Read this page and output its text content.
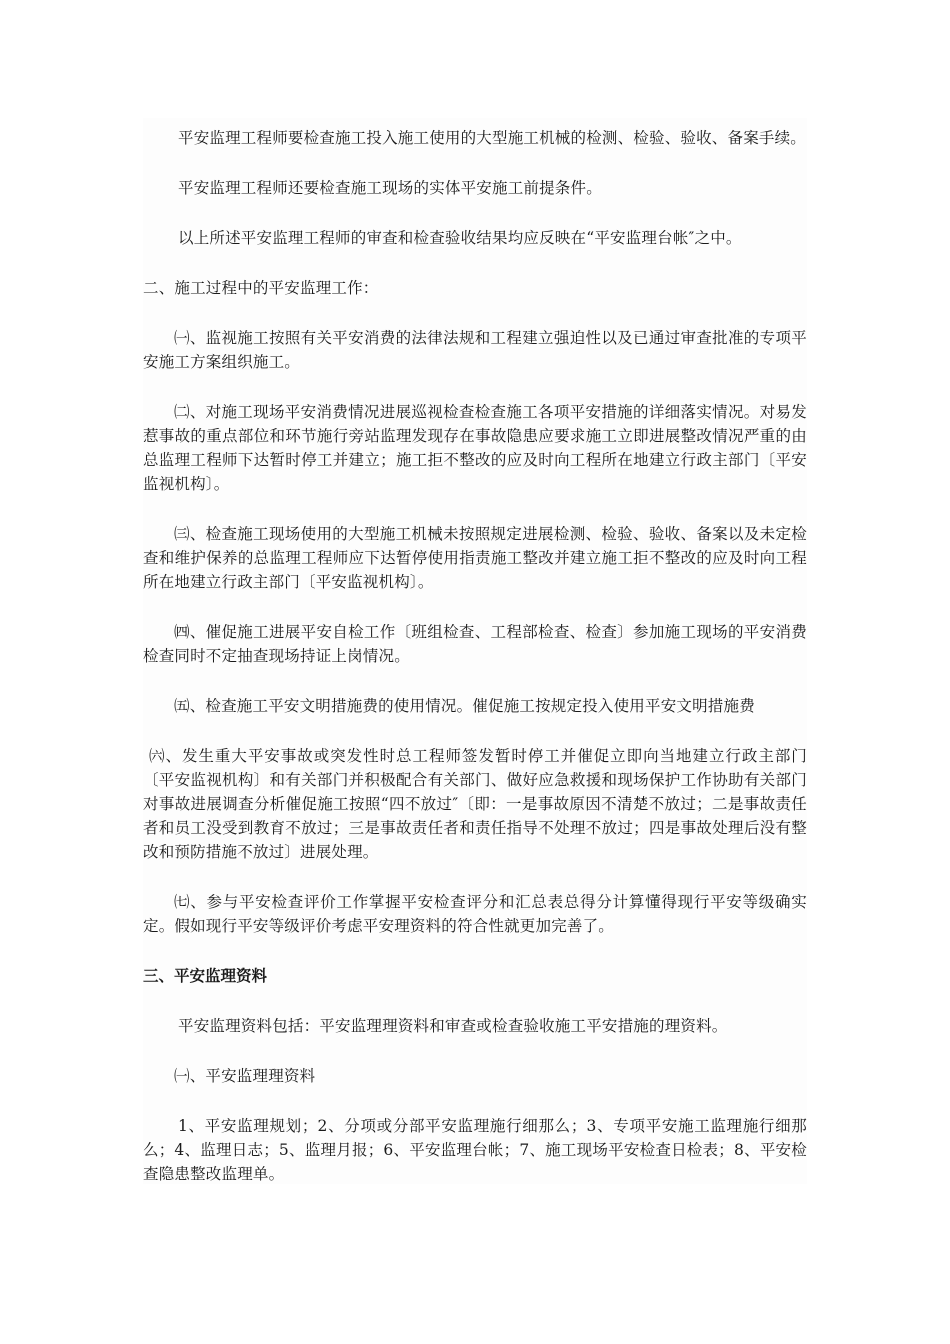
平安监理工程师要检查施工投入施工使用的大型施工机械的检测、检验、验收、备案手续。

平安监理工程师还要检查施工现场的实体平安施工前提条件。

以上所述平安监理工程师的审查和检查验收结果均应反映在“平安监理台帐″之中。

二、施工过程中的平安监理工作：

㈠、监视施工按照有关平安消费的法律法规和工程建立强迫性以及已通过审查批准的专项平安施工方案组织施工。

㈡、对施工现场平安消费情况进展巡视检查检查施工各项平安措施的详细落实情况。对易发惹事故的重点部位和环节施行旁站监理发现存在事故隐患应要求施工立即进展整改情况严重的由总监理工程师下达暂时停工并建立；施工拒不整改的应及时向工程所在地建立行政主部门〔平安监视机构〕。

㈢、检查施工现场使用的大型施工机械未按照规定进展检测、检验、验收、备案以及未定检查和维护保养的总监理工程师应下达暂停使用指责施工整改并建立施工拒不整改的应及时向工程所在地建立行政主部门〔平安监视机构〕。

㈣、催促施工进展平安自检工作〔班组检查、工程部检查、检查〕参加施工现场的平安消费检查同时不定抽查现场持证上岗情况。

㈤、检查施工平安文明措施费的使用情况。催促施工按规定投入使用平安文明措施费

㈥、发生重大平安事故或突发性时总工程师签发暂时停工并催促立即向当地建立行政主部门〔平安监视机构〕和有关部门并积极配合有关部门、做好应急救援和现场保护工作协助有关部门对事故进展调查分析催促施工按照“四不放过″〔即：一是事故原因不清楚不放过；二是事故责任者和员工没受到教育不放过；三是事故责任者和责任指导不处理不放过；四是事故处理后没有整改和预防措施不放过〕进展处理。

㈦、参与平安检查评价工作掌握平安检查评分和汇总表总得分计算懂得现行平安等级确实定。假如现行平安等级评价考虑平安理资料的符合性就更加完善了。

三、平安监理资料

平安监理资料包括：平安监理理资料和审查或检查验收施工平安措施的理资料。

㈠、平安监理理资料

1、平安监理规划；2、分项或分部平安监理施行细那么；3、专项平安施工监理施行细那么；4、监理日志；5、监理月报；6、平安监理台帐；7、施工现场平安检查日检表；8、平安检查隐患整改监理单。
